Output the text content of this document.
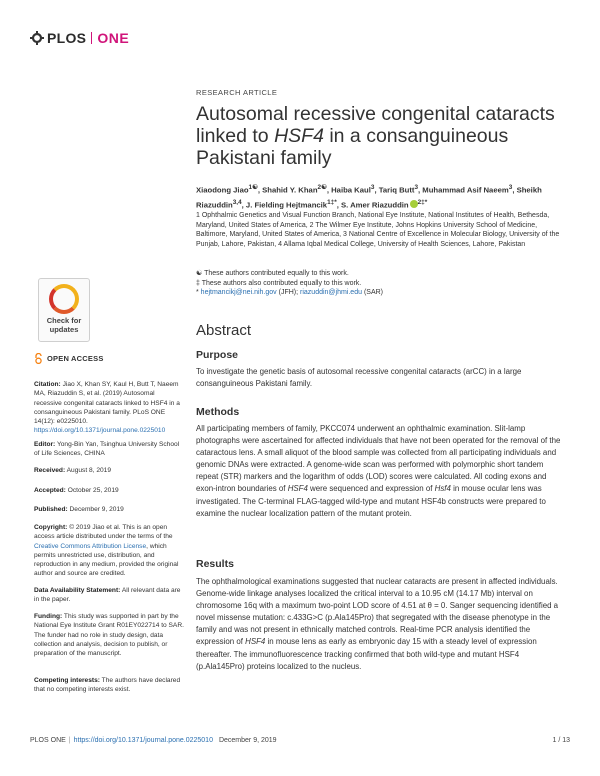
PLOS ONE
Check for
updates
OPEN ACCESS
Citation: Jiao X, Khan SY, Kaul H, Butt T, Naeem MA, Riazuddin S, et al. (2019) Autosomal recessive congenital cataracts linked to HSF4 in a consanguineous Pakistani family. PLoS ONE 14(12): e0225010. https://doi.org/10.1371/journal.pone.0225010
Editor: Yong-Bin Yan, Tsinghua University School of Life Sciences, CHINA
Received: August 8, 2019
Accepted: October 25, 2019
Published: December 9, 2019
Copyright: © 2019 Jiao et al. This is an open access article distributed under the terms of the Creative Commons Attribution License, which permits unrestricted use, distribution, and reproduction in any medium, provided the original author and source are credited.
Data Availability Statement: All relevant data are in the paper.
Funding: This study was supported in part by the National Eye Institute Grant R01EY022714 to SAR. The funder had no role in study design, data collection and analysis, decision to publish, or preparation of the manuscript.
Competing interests: The authors have declared that no competing interests exist.
RESEARCH ARTICLE
Autosomal recessive congenital cataracts linked to HSF4 in a consanguineous Pakistani family
Xiaodong Jiao$^{1☯}$, Shahid Y. Khan$^{2☯}$, Haiba Kaul$^3$, Tariq Butt$^3$, Muhammad Asif Naeem$^3$, Sheikh Riazuddin$^{3,4}$, J. Fielding Hejtmancik$^{1\ddagger*}$, S. Amer Riazuddin $^{2\ddagger*}$
1 Ophthalmic Genetics and Visual Function Branch, National Eye Institute, National Institutes of Health, Bethesda, Maryland, United States of America, 2 The Wilmer Eye Institute, Johns Hopkins University School of Medicine, Baltimore, Maryland, United States of America, 3 National Centre of Excellence in Molecular Biology, University of the Punjab, Lahore, Pakistan, 4 Allama Iqbal Medical College, University of Health Sciences, Lahore, Pakistan
☯ These authors contributed equally to this work.
‡ These authors also contributed equally to this work.
* hejtmancikj@nei.nih.gov (JFH); riazuddin@jhmi.edu (SAR)
Abstract
Purpose

To investigate the genetic basis of autosomal recessive congenital cataracts (arCC) in a large consanguineous Pakistani family.

Methods

All participating members of family, PKCC074 underwent an ophthalmic examination. Slit-lamp photographs were ascertained for affected individuals that have not been operated for the removal of the cataractous lens. A small aliquot of the blood sample was collected from all participating individuals and genomic DNAs were extracted. A genome-wide scan was performed with polymorphic short tandem repeat (STR) markers and the logarithm of odds (LOD) scores were calculated. All coding exons and exon-intron boundaries of HSF4 were sequenced and expression of Hsf4 in mouse ocular lens was investigated. The C-terminal FLAG-tagged wild-type and mutant HSF4b constructs were prepared to examine the nuclear localization pattern of the mutant protein.

Results

The ophthalmological examinations suggested that nuclear cataracts are present in affected individuals. Genome-wide linkage analyses localized the critical interval to a 10.95 cM (14.17 Mb) interval on chromosome 16q with a maximum two-point LOD score of 4.51 at θ = 0. Sanger sequencing identified a novel missense mutation: c.433G>C (p.Ala145Pro) that segregated with the disease phenotype in the family and was not present in ethnically matched controls. Real-time PCR analysis identified the expression of HSF4 in mouse lens as early as embryonic day 15 with a steady level of expression thereafter. The immunofluorescence tracking confirmed that both wild-type and mutant HSF4 (p.Ala145Pro) proteins localized to the nucleus.

PLOS ONE | https://doi.org/10.1371/journal.pone.0225010 December 9, 2019	1 / 13
